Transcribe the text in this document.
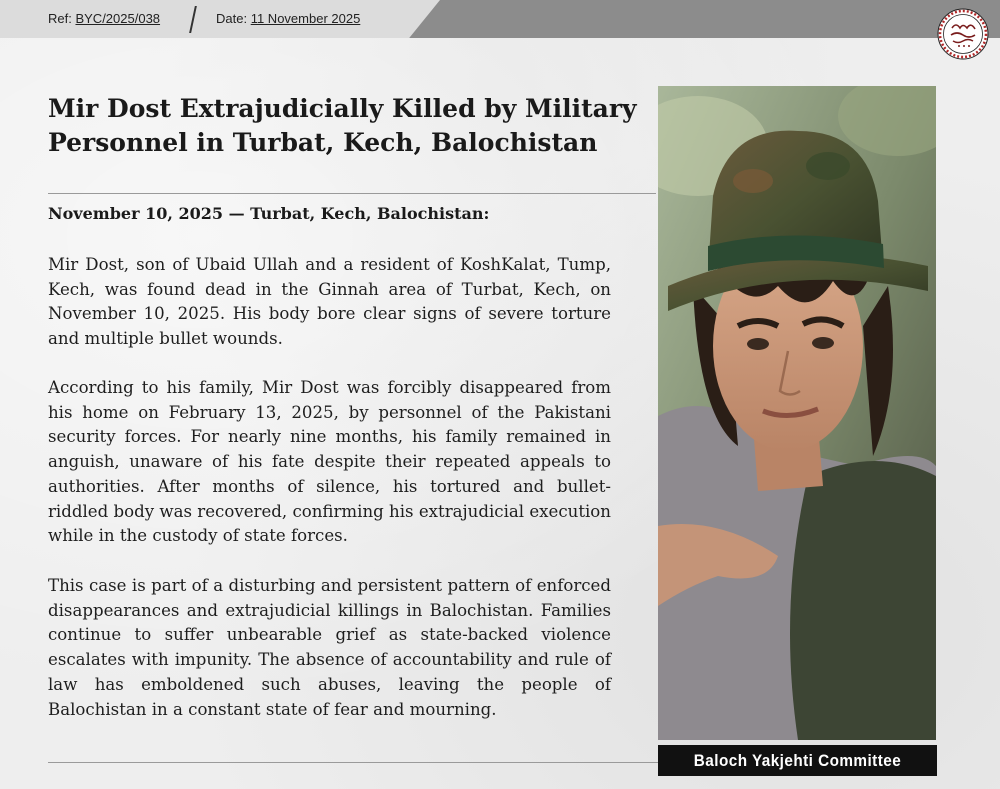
Ref: BYC/2025/038	Date: 11 November 2025
Mir Dost Extrajudicially Killed by Military Personnel in Turbat, Kech, Balochistan
November 10, 2025 — Turbat, Kech, Balochistan:

Mir Dost, son of Ubaid Ullah and a resident of KoshKalat, Tump, Kech, was found dead in the Ginnah area of Turbat, Kech, on November 10, 2025. His body bore clear signs of severe torture and multiple bullet wounds.

According to his family, Mir Dost was forcibly disappeared from his home on February 13, 2025, by personnel of the Pakistani security forces. For nearly nine months, his family remained in anguish, unaware of his fate despite their repeated appeals to authorities. After months of silence, his tortured and bullet-riddled body was recovered, confirming his extrajudicial execution while in the custody of state forces.

This case is part of a disturbing and persistent pattern of enforced disappearances and extrajudicial killings in Balochistan. Families continue to suffer unbearable grief as state-backed violence escalates with impunity. The absence of accountability and rule of law has emboldened such abuses, leaving the people of Balochistan in a constant state of fear and mourning.

Baloch Yakjehti Committee
